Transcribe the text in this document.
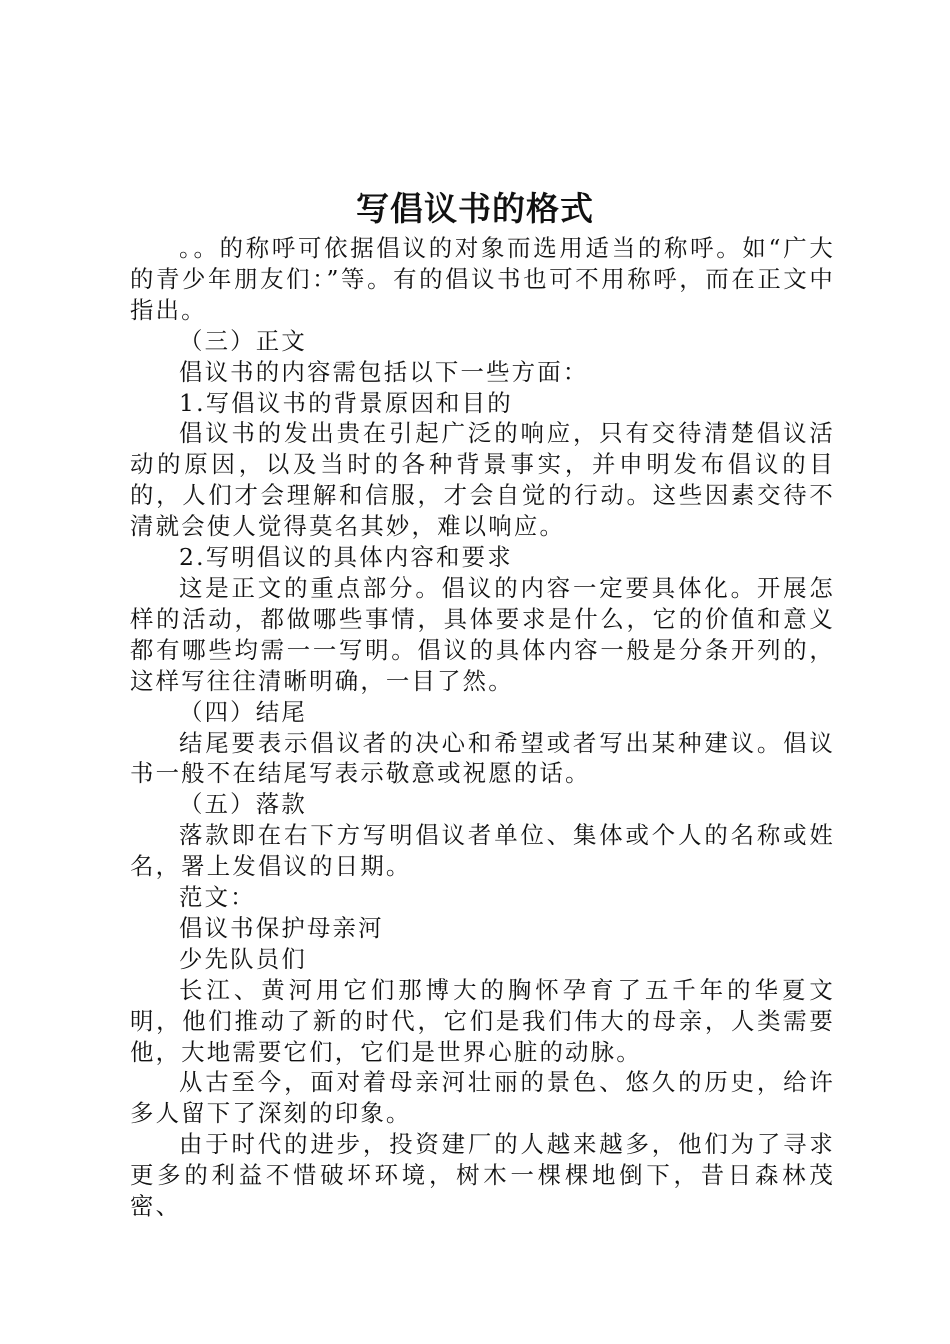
写倡议书的格式

。。的称呼可依据倡议的对象而选用适当的称呼。如“广大的青少年朋友们：”等。有的倡议书也可不用称呼，而在正文中指出。

（三）正文

倡议书的内容需包括以下一些方面：

1.写倡议书的背景原因和目的

倡议书的发出贵在引起广泛的响应，只有交待清楚倡议活动的原因，以及当时的各种背景事实，并申明发布倡议的目的，人们才会理解和信服，才会自觉的行动。这些因素交待不清就会使人觉得莫名其妙，难以响应。

2.写明倡议的具体内容和要求

这是正文的重点部分。倡议的内容一定要具体化。开展怎样的活动，都做哪些事情，具体要求是什么，它的价值和意义都有哪些均需一一写明。倡议的具体内容一般是分条开列的，这样写往往清晰明确，一目了然。

（四）结尾

结尾要表示倡议者的决心和希望或者写出某种建议。倡议书一般不在结尾写表示敬意或祝愿的话。

（五）落款

落款即在右下方写明倡议者单位、集体或个人的名称或姓名，署上发倡议的日期。

范文：

倡议书保护母亲河

少先队员们

长江、黄河用它们那博大的胸怀孕育了五千年的华夏文明，他们推动了新的时代，它们是我们伟大的母亲，人类需要他，大地需要它们，它们是世界心脏的动脉。

从古至今，面对着母亲河壮丽的景色、悠久的历史，给许多人留下了深刻的印象。

由于时代的进步，投资建厂的人越来越多，他们为了寻求更多的利益不惜破坏环境，树木一棵棵地倒下，昔日森林茂密、
